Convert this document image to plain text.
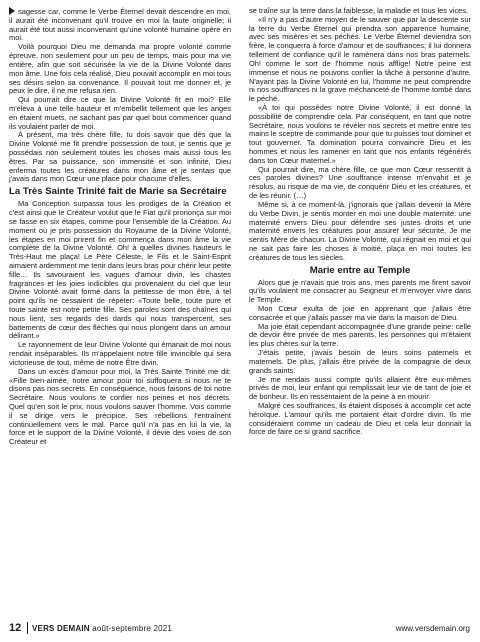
sagesse car, comme le Verbe Éternel devait descendre en moi, il aurait été inconvenant qu'il trouve en moi la faute originelle; il aurait été tout aussi inconvenant qu'une volonté humaine opère en moi.

Voilà pourquoi Dieu me demanda ma propre volonté comme épreuve, non seulement pour un peu de temps, mais pour ma vie entière, afin que soit sécurisée la vie de la Divine Volonté dans mon âme. Une fois cela réalisé, Dieu pouvait accomplir en moi tous ses désirs selon sa convenance. Il pouvait tout me donner et, je peux le dire, il ne me refusa rien.

Qui pourrait dire ce que la Divine Volonté fit en moi? Elle m'éleva à une telle hauteur et m'embellit tellement que les anges en étaient muets, ne sachant pas par quel bout commencer quand ils voulaient parler de moi.

À présent, ma très chère fille, tu dois savoir que dès que la Divine Volonté me fit prendre possession de tout, je sentis que je possédais non seulement toutes les choses mais aussi tous les êtres. Par sa puissance, son immensité et son infinité, Dieu enferma toutes les créatures dans mon âme et je sentais que j'avais dans mon Cœur une place pour chacune d'elles.

La Très Sainte Trinité fait de Marie sa Secrétaire

Ma Conception surpassa tous les prodiges de la Création et c'est ainsi que le Créateur voulut que le Fiat qu'il prononça sur moi se fasse en six étapes, comme pour l'ensemble de la Création. Au moment où je pris possession du Royaume de la Divine Volonté, les étapes en moi prirent fin et commença dans mon âme la vie complète de la Divine Volonté. Oh! à quelles divines hauteurs le Très-Haut me plaça! Le Père Céleste, le Fils et le Saint-Esprit aimaient ardemment me tenir dans leurs bras pour chérir leur petite fille… Ils savouraient les vagues d'amour divin, les chastes fragrances et les joies indicibles qui provenaient du ciel que leur Divine Volonté avait formé dans la petitesse de mon être, à tel point qu'ils ne cessaient de répéter: «Toute belle, toute pure et toute sainte est notre petite fille. Ses paroles sont des chaînes qui nous lient, ses regards des dards qui nous transpercent, ses battements de cœur des flèches qui nous plongent dans un amour délirant.»

Le rayonnement de leur Divine Volonté qui émanait de moi nous rendait inséparables. Ils m'appelaient notre fille invincible qui sera victorieuse de tout, même de notre Être divin.

Dans un excès d'amour pour moi, la Très Sainte Trinité me dit: «Fille bien-aimée, notre amour pour toi suffoquera si nous ne te disons pas nos secrets. En conséquence, nous faisons de toi notre Secrétaire. Nous voulons te confier nos peines et nos décrets. Quel qu'en soit le prix, nous voulons sauver l'homme. Vois comme il se dirige vers le précipice. Ses rébellions l'entraînent continuellement vers le mal. Parce qu'il n'a pas en lui la vie, la force et le support de la Divine Volonté, il dévie des voies de son Créateur et

se traîne sur la terre dans la faiblesse, la maladie et tous les vices.

«Il n'y a pas d'autre moyen de le sauver que par la descente sur la terre du Verbe Éternel qui prendra son apparence humaine, avec ses misères et ses péchés. Le Verbe Éternel deviendra son frère, le conquerra à force d'amour et de souffrances; il lui donnera tellement de confiance qu'il le ramènera dans nos bras paternels. Oh! comme le sort de l'homme nous afflige! Notre peine est immense et nous ne pouvons confier la tâche à personne d'autre. N'ayant pas la Divine Volonté en lui, l'homme ne peut comprendre ni nos souffrances ni la grave méchanceté de l'homme tombé dans le péché.

«À toi qui possèdes notre Divine Volonté, il est donné la possibilité de comprendre cela. Par conséquent, en tant que notre Secrétaire, nous voulons te révéler nos secrets et mettre entre tes mains le sceptre de commande pour que tu puisses tout dominer et tout gouverner. Ta domination pourra convaincre Dieu et les hommes et nous les ramener en tant que nos enfants régénérés dans ton Cœur maternel.»

Qui pourrait dire, ma chère fille, ce que mon Cœur ressentit à ces paroles divines? Une souffrance intense m'envahit et je résolus, au risque de ma vie, de conquérir Dieu et les créatures, et de les réunir. (…)

Même si, à ce moment-là, j'ignorais que j'allais devenir la Mère du Verbe Divin, je sentis monter en moi une double maternité: une maternité envers Dieu pour défendre ses justes droits et une maternité envers les créatures pour assurer leur sécurité. Je me sentis Mère de chacun. La Divine Volonté, qui régnait en moi et qui ne sait pas faire les choses à moitié, plaça en moi toutes les créatures de tous les siècles.

Marie entre au Temple

Alors que je n'avais que trois ans, mes parents me firent savoir qu'ils voulaient me consacrer au Seigneur et m'envoyer vivre dans le Temple.

Mon Cœur exulta de joie en apprenant que j'allais être consacrée et que j'allais passer ma vie dans la maison de Dieu.

Ma joie était cependant accompagnée d'une grande peine: celle de devoir être privée de mes parents, les personnes qui m'étaient les plus chères sur la terre.

J'étais petite, j'avais besoin de leurs soins paternels et maternels. De plus, j'allais être privée de la compagnie de deux grands saints.

Je me rendais aussi compte qu'ils allaient être eux-mêmes privés de moi, leur enfant qui remplissait leur vie de tant de joie et de bonheur. Ils en ressentaient de la peine à en mourir.

Malgré ces souffrances, ils étaient disposés à accomplir cet acte héroïque. L'amour qu'ils me portaient était d'ordre divin. Ils me considéraient comme un cadeau de Dieu et cela leur donnait la force de faire ce si grand sacrifice.

12 VERS DEMAIN août-septembre 2021	www.versdemain.org
